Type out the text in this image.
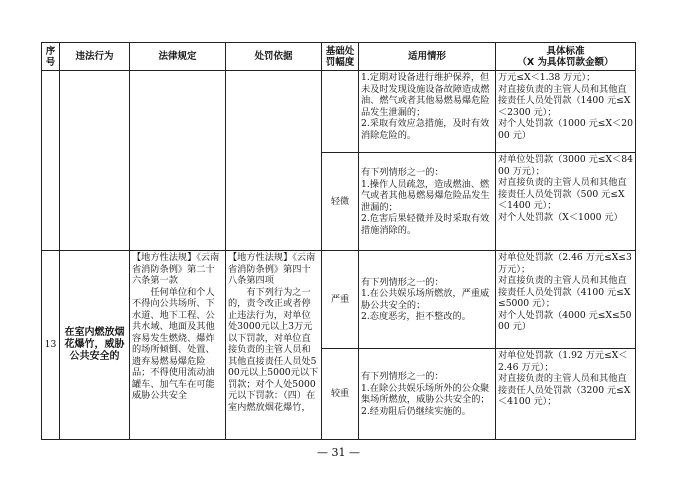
序
号	违法行为	法律规定	处罚依据	基础处
罚幅度	适用情形	具体标准
（X 为具体罚款金额）

					1.定期对设备进行维护保养，但未及时发现设施设备故障造成燃油、燃气或者其他易燃易爆危险品发生泄漏的；
2.采取有效应急措施，及时有效消除危险的。	万元≤X＜1.38 万元）；
对直接负责的主管人员和其他直接责任人员处罚款（1400 元≤X＜2300 元）；
对个人处罚款（1000 元≤X＜2000 元）

				轻微	有下列情形之一的：
1.操作人员疏忽，造成燃油、燃气或者其他易燃易爆危险品发生泄漏的；
2.危害后果轻微并及时采取有效措施消除的。	对单位处罚款（3000 元≤X＜8400 万元）；
对直接负责的主管人员和其他直接责任人员处罚款（500 元≤X＜1400 元）；
对个人处罚款（X＜1000 元）

13	在室内燃放烟花爆竹，威胁公共安全的	【地方性法规】《云南省消防条例》第二十六条第一款
　　任何单位和个人不得向公共场所、下水道、地下工程、公共水域、地面及其他容易发生燃烧、爆炸的场所倾倒、处置、遗弃易燃易爆危险品；不得使用流动油罐车、加气车在可能威胁公共安全	【地方性法规】《云南省消防条例》第四十八条第四项
　　有下列行为之一的，责令改正或者停止违法行为，对单位处3000元以上3万元以下罚款，对单位直接负责的主管人员和其他直接责任人员处500元以上5000元以下罚款；对个人处5000元以下罚款：（四）在室内燃放烟花爆竹，	严重	有下列情形之一的：
1.在公共娱乐场所燃放，严重威胁公共安全的；
2.态度恶劣，拒不整改的。	对单位处罚款（2.46 万元≤X≤3 万元）；
对直接负责的主管人员和其他直接责任人员处罚款（4100 元≤X≤5000 元）；
对个人处罚款（4000 元≤X≤5000 元）

				较重	有下列情形之一的：
1.在除公共娱乐场所外的公众聚集场所燃放，威胁公共安全的；
2.经劝阻后仍继续实施的。	对单位处罚款（1.92 万元≤X＜2.46 万元）；
对直接负责的主管人员和其他直接责任人员处罚款（3200 元≤X＜4100 元）；
— 31 —
